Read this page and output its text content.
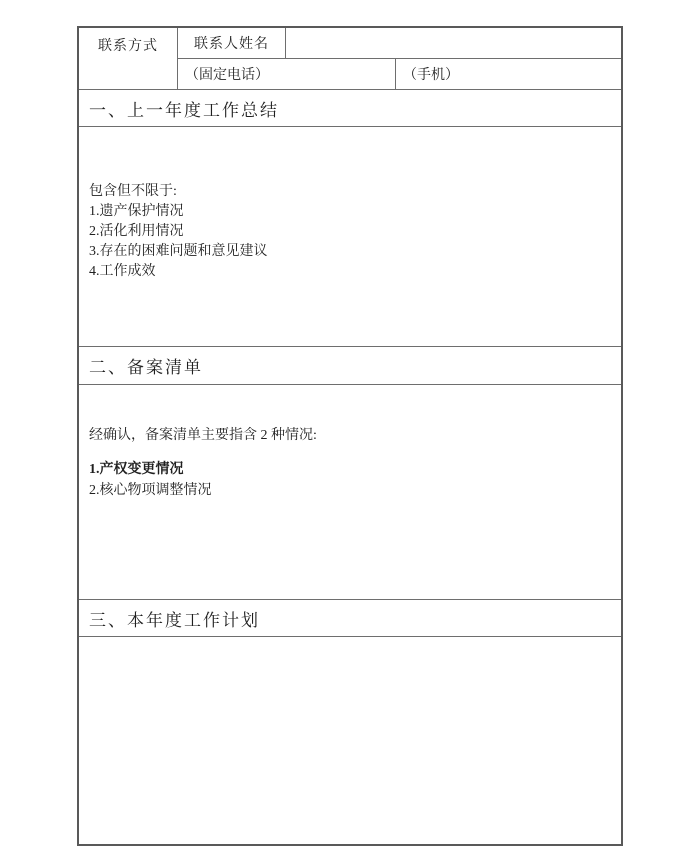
联系方式	联系人姓名
（固定电话）	（手机）
一、上一年度工作总结
包含但不限于:
1.遗产保护情况
2.活化利用情况
3.存在的困难问题和意见建议
4.工作成效
二、备案清单
经确认，备案清单主要指含 2 种情况:
1.产权变更情况
2.核心物项调整情况
三、本年度工作计划
